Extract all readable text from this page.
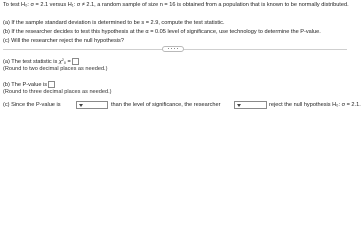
To test H₀: σ = 2.1 versus H₁: σ ≠ 2.1, a random sample of size n = 16 is obtained from a population that is known to be normally distributed.
(a) If the sample standard deviation is determined to be s = 2.9, compute the test statistic.
(b) If the researcher decides to test this hypothesis at the α = 0.05 level of significance, use technology to determine the P-value.
(c) Will the researcher reject the null hypothesis?
(a) The test statistic is $\chi^2_0$ =
(Round to two decimal places as needed.)
(b) The P-value is
(Round to three decimal places as needed.)
(c) Since the P-value is	than the level of significance, the researcher	reject the null hypothesis H₀: σ = 2.1.
